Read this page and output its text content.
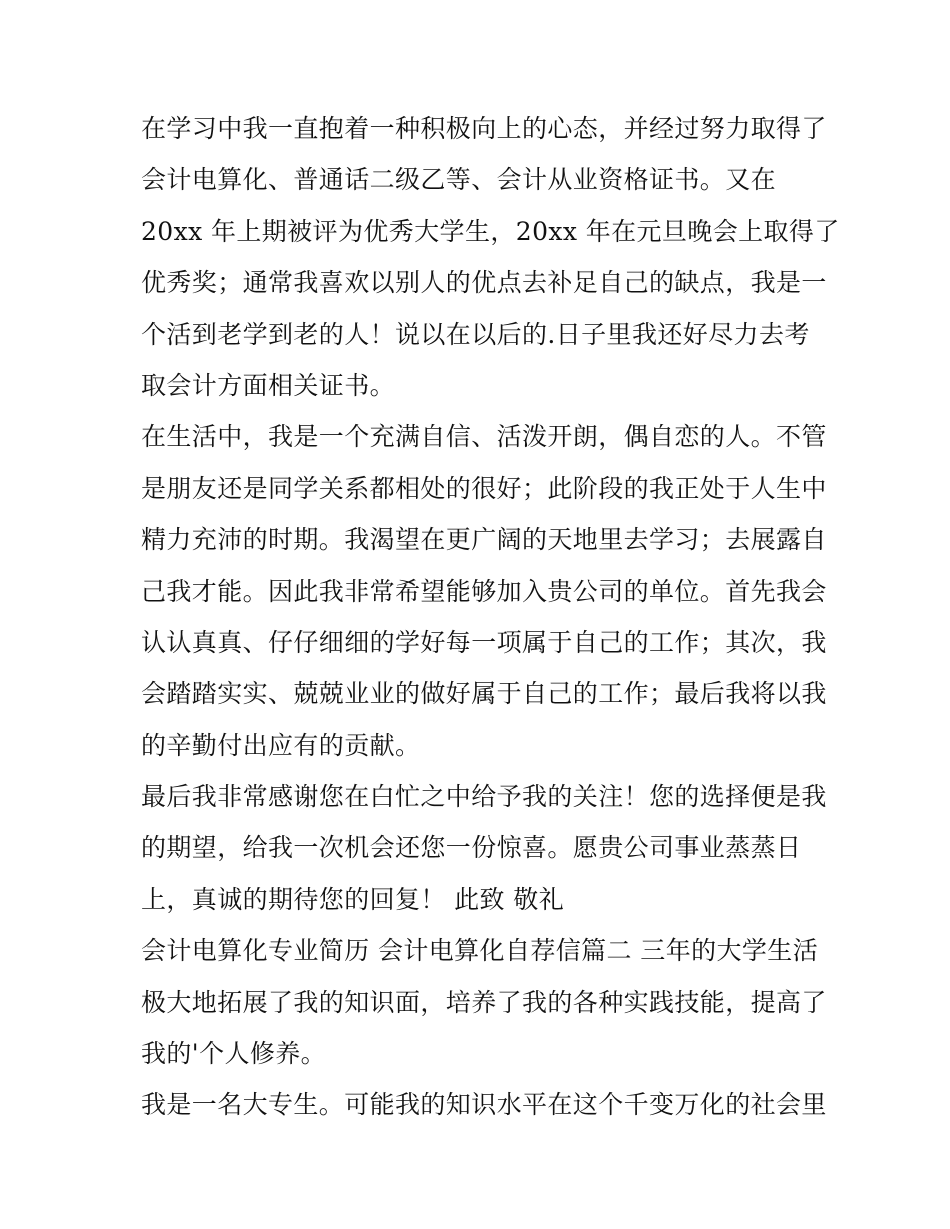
在学习中我一直抱着一种积极向上的心态，并经过努力取得了
会计电算化、普通话二级乙等、会计从业资格证书。又在
20xx 年上期被评为优秀大学生，20xx 年在元旦晚会上取得了
优秀奖；通常我喜欢以别人的优点去补足自己的缺点，我是一
个活到老学到老的人！说以在以后的.日子里我还好尽力去考
取会计方面相关证书。
在生活中，我是一个充满自信、活泼开朗，偶自恋的人。不管
是朋友还是同学关系都相处的很好；此阶段的我正处于人生中
精力充沛的时期。我渴望在更广阔的天地里去学习；去展露自
己我才能。因此我非常希望能够加入贵公司的单位。首先我会
认认真真、仔仔细细的学好每一项属于自己的工作；其次，我
会踏踏实实、兢兢业业的做好属于自己的工作；最后我将以我
的辛勤付出应有的贡献。
最后我非常感谢您在白忙之中给予我的关注！您的选择便是我
的期望，给我一次机会还您一份惊喜。愿贵公司事业蒸蒸日
上，真诚的期待您的回复！ 此致 敬礼
会计电算化专业简历 会计电算化自荐信篇二 三年的大学生活
极大地拓展了我的知识面，培养了我的各种实践技能，提高了
我的'个人修养。
我是一名大专生。可能我的知识水平在这个千变万化的社会里
